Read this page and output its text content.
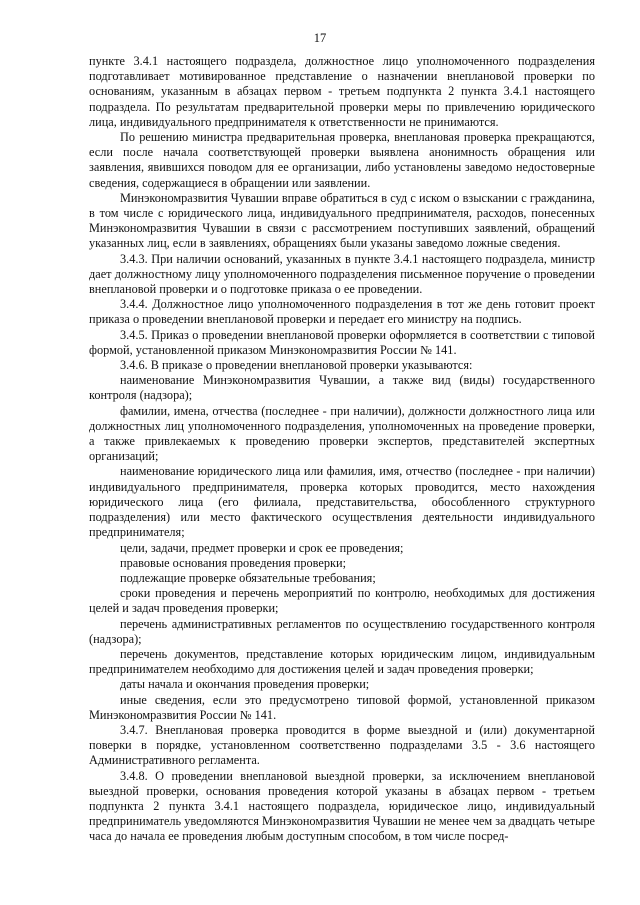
17

пункте 3.4.1 настоящего подраздела, должностное лицо уполномоченного подразделения подготавливает мотивированное представление о назначении внеплановой проверки по основаниям, указанным в абзацах первом - третьем подпункта 2 пункта 3.4.1 настоящего подраздела. По результатам предварительной проверки меры по привлечению юридического лица, индивидуального предпринимателя к ответственности не принимаются.

По решению министра предварительная проверка, внеплановая проверка прекращаются, если после начала соответствующей проверки выявлена анонимность обращения или заявления, явившихся поводом для ее организации, либо установлены заведомо недостоверные сведения, содержащиеся в обращении или заявлении.

Минэкономразвития Чувашии вправе обратиться в суд с иском о взыскании с гражданина, в том числе с юридического лица, индивидуального предпринимателя, расходов, понесенных Минэкономразвития Чувашии в связи с рассмотрением поступивших заявлений, обращений указанных лиц, если в заявлениях, обращениях были указаны заведомо ложные сведения.

3.4.3. При наличии оснований, указанных в пункте 3.4.1 настоящего подраздела, министр дает должностному лицу уполномоченного подразделения письменное поручение о проведении внеплановой проверки и о подготовке приказа о ее проведении.

3.4.4. Должностное лицо уполномоченного подразделения в тот же день готовит проект приказа о проведении внеплановой проверки и передает его министру на подпись.

3.4.5. Приказ о проведении внеплановой проверки оформляется в соответствии с типовой формой, установленной приказом Минэкономразвития России № 141.

3.4.6. В приказе о проведении внеплановой проверки указываются:

наименование Минэкономразвития Чувашии, а также вид (виды) государственного контроля (надзора);

фамилии, имена, отчества (последнее - при наличии), должности должностного лица или должностных лиц уполномоченного подразделения, уполномоченных на проведение проверки, а также привлекаемых к проведению проверки экспертов, представителей экспертных организаций;

наименование юридического лица или фамилия, имя, отчество (последнее - при наличии) индивидуального предпринимателя, проверка которых проводится, место нахождения юридического лица (его филиала, представительства, обособленного структурного подразделения) или место фактического осуществления деятельности индивидуального предпринимателя;

цели, задачи, предмет проверки и срок ее проведения;

правовые основания проведения проверки;

подлежащие проверке обязательные требования;

сроки проведения и перечень мероприятий по контролю, необходимых для достижения целей и задач проведения проверки;

перечень административных регламентов по осуществлению государственного контроля (надзора);

перечень документов, представление которых юридическим лицом, индивидуальным предпринимателем необходимо для достижения целей и задач проведения проверки;

даты начала и окончания проведения проверки;

иные сведения, если это предусмотрено типовой формой, установленной приказом Минэкономразвития России № 141.

3.4.7. Внеплановая проверка проводится в форме выездной и (или) документарной поверки в порядке, установленном соответственно подразделами 3.5 - 3.6 настоящего Административного регламента.

3.4.8. О проведении внеплановой выездной проверки, за исключением внеплановой выездной проверки, основания проведения которой указаны в абзацах первом - третьем подпункта 2 пункта 3.4.1 настоящего подраздела, юридическое лицо, индивидуальный предприниматель уведомляются Минэкономразвития Чувашии не менее чем за двадцать четыре часа до начала ее проведения любым доступным способом, в том числе посред-
